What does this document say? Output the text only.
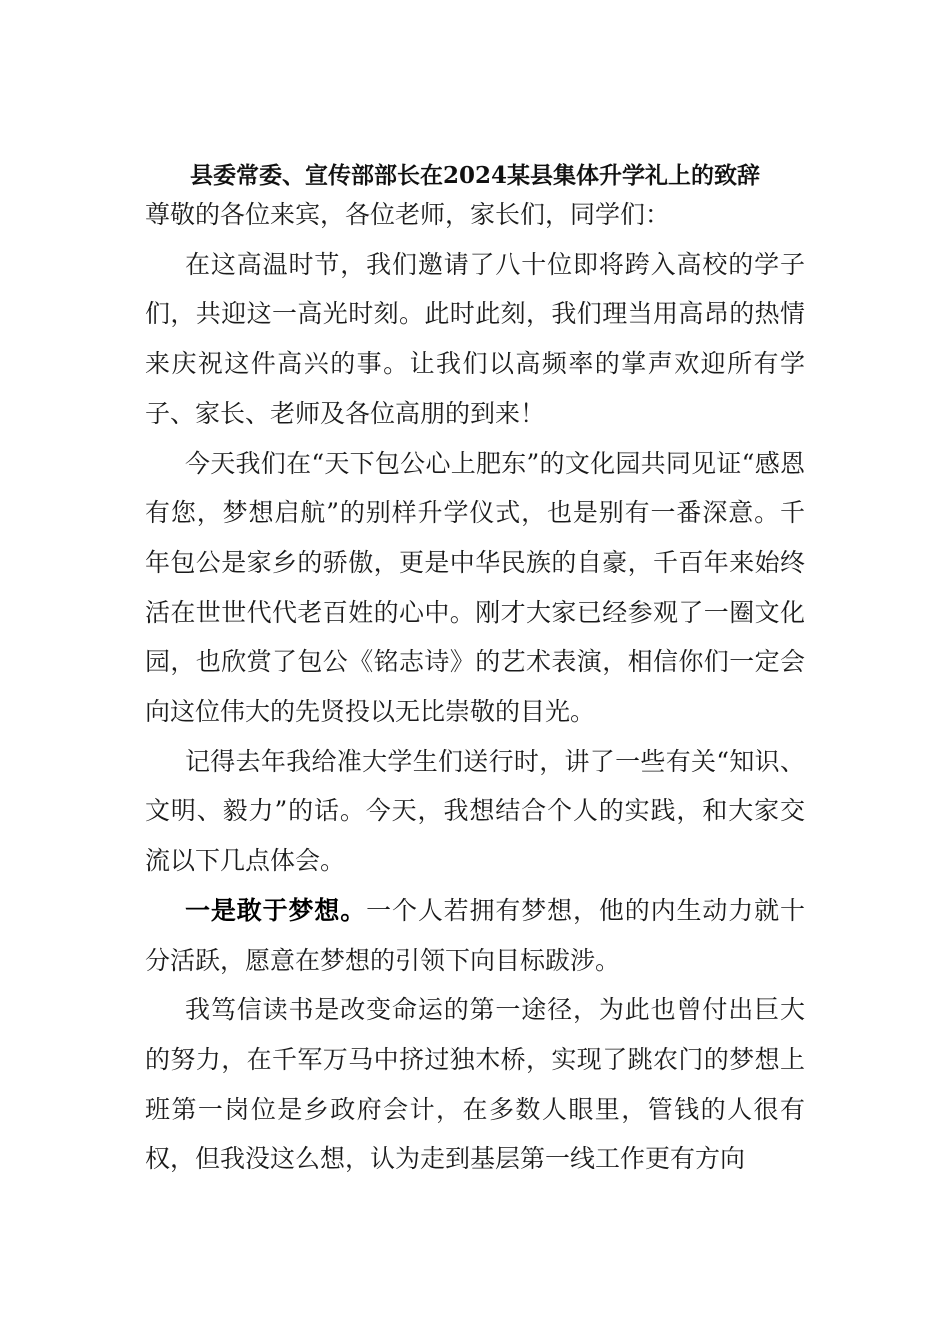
县委常委、宣传部部长在2024某县集体升学礼上的致辞

尊敬的各位来宾，各位老师，家长们，同学们：

在这高温时节，我们邀请了八十位即将跨入高校的学子们，共迎这一高光时刻。此时此刻，我们理当用高昂的热情来庆祝这件高兴的事。让我们以高频率的掌声欢迎所有学子、家长、老师及各位高朋的到来！

今天我们在“天下包公心上肥东”的文化园共同见证“感恩有您，梦想启航”的别样升学仪式，也是别有一番深意。千年包公是家乡的骄傲，更是中华民族的自豪，千百年来始终活在世世代代老百姓的心中。刚才大家已经参观了一圈文化园，也欣赏了包公《铭志诗》的艺术表演，相信你们一定会向这位伟大的先贤投以无比崇敬的目光。

记得去年我给准大学生们送行时，讲了一些有关“知识、文明、毅力”的话。今天，我想结合个人的实践，和大家交流以下几点体会。

一是敢于梦想。一个人若拥有梦想，他的内生动力就十分活跃，愿意在梦想的引领下向目标跋涉。

我笃信读书是改变命运的第一途径，为此也曾付出巨大的努力，在千军万马中挤过独木桥，实现了跳农门的梦想上班第一岗位是乡政府会计，在多数人眼里，管钱的人很有权，但我没这么想，认为走到基层第一线工作更有方向
